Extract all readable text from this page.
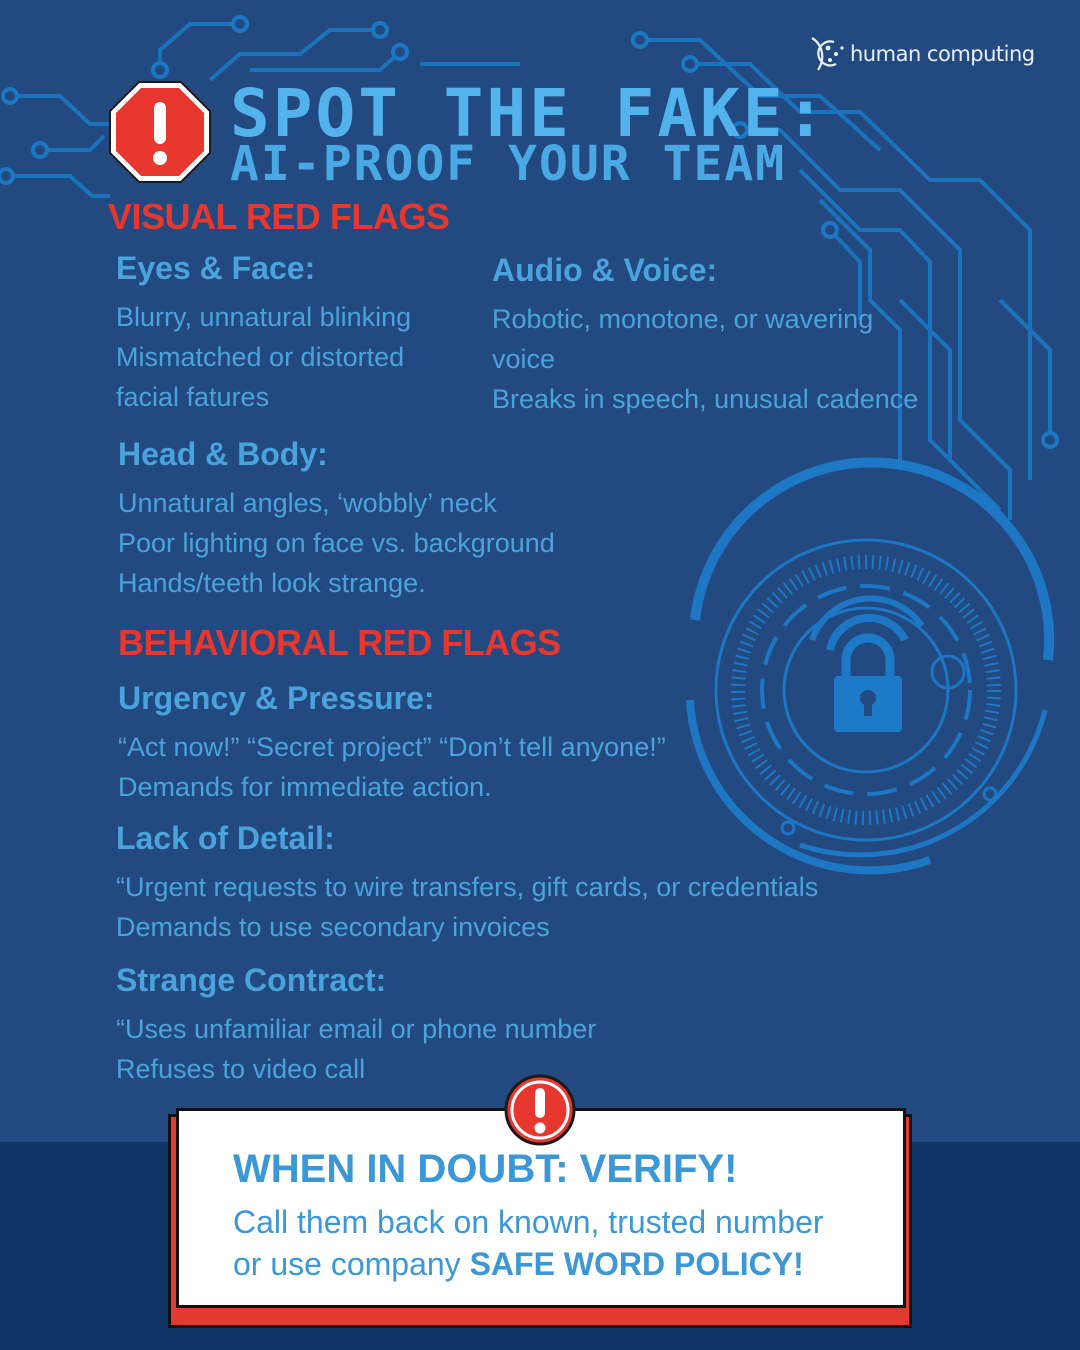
human computing
SPOT THE FAKE:
AI-PROOF YOUR TEAM
VISUAL RED FLAGS
Eyes & Face:

Blurry, unnatural blinking

Mismatched or distorted

facial fatures

Audio & Voice:

Robotic, monotone, or wavering

voice

Breaks in speech, unusual cadence

Head & Body:

Unnatural angles, ‘wobbly’ neck

Poor lighting on face vs. background

Hands/teeth look strange.

BEHAVIORAL RED FLAGS
Urgency & Pressure:

“Act now!” “Secret project” “Don’t tell anyone!”

Demands for immediate action.

Lack of Detail:

“Urgent requests to wire transfers, gift cards, or credentials

Demands to use secondary invoices

Strange Contract:

“Uses unfamiliar email or phone number

Refuses to video call

WHEN IN DOUBT: VERIFY!

Call them back on known, trusted number
or use company SAFE WORD POLICY!
